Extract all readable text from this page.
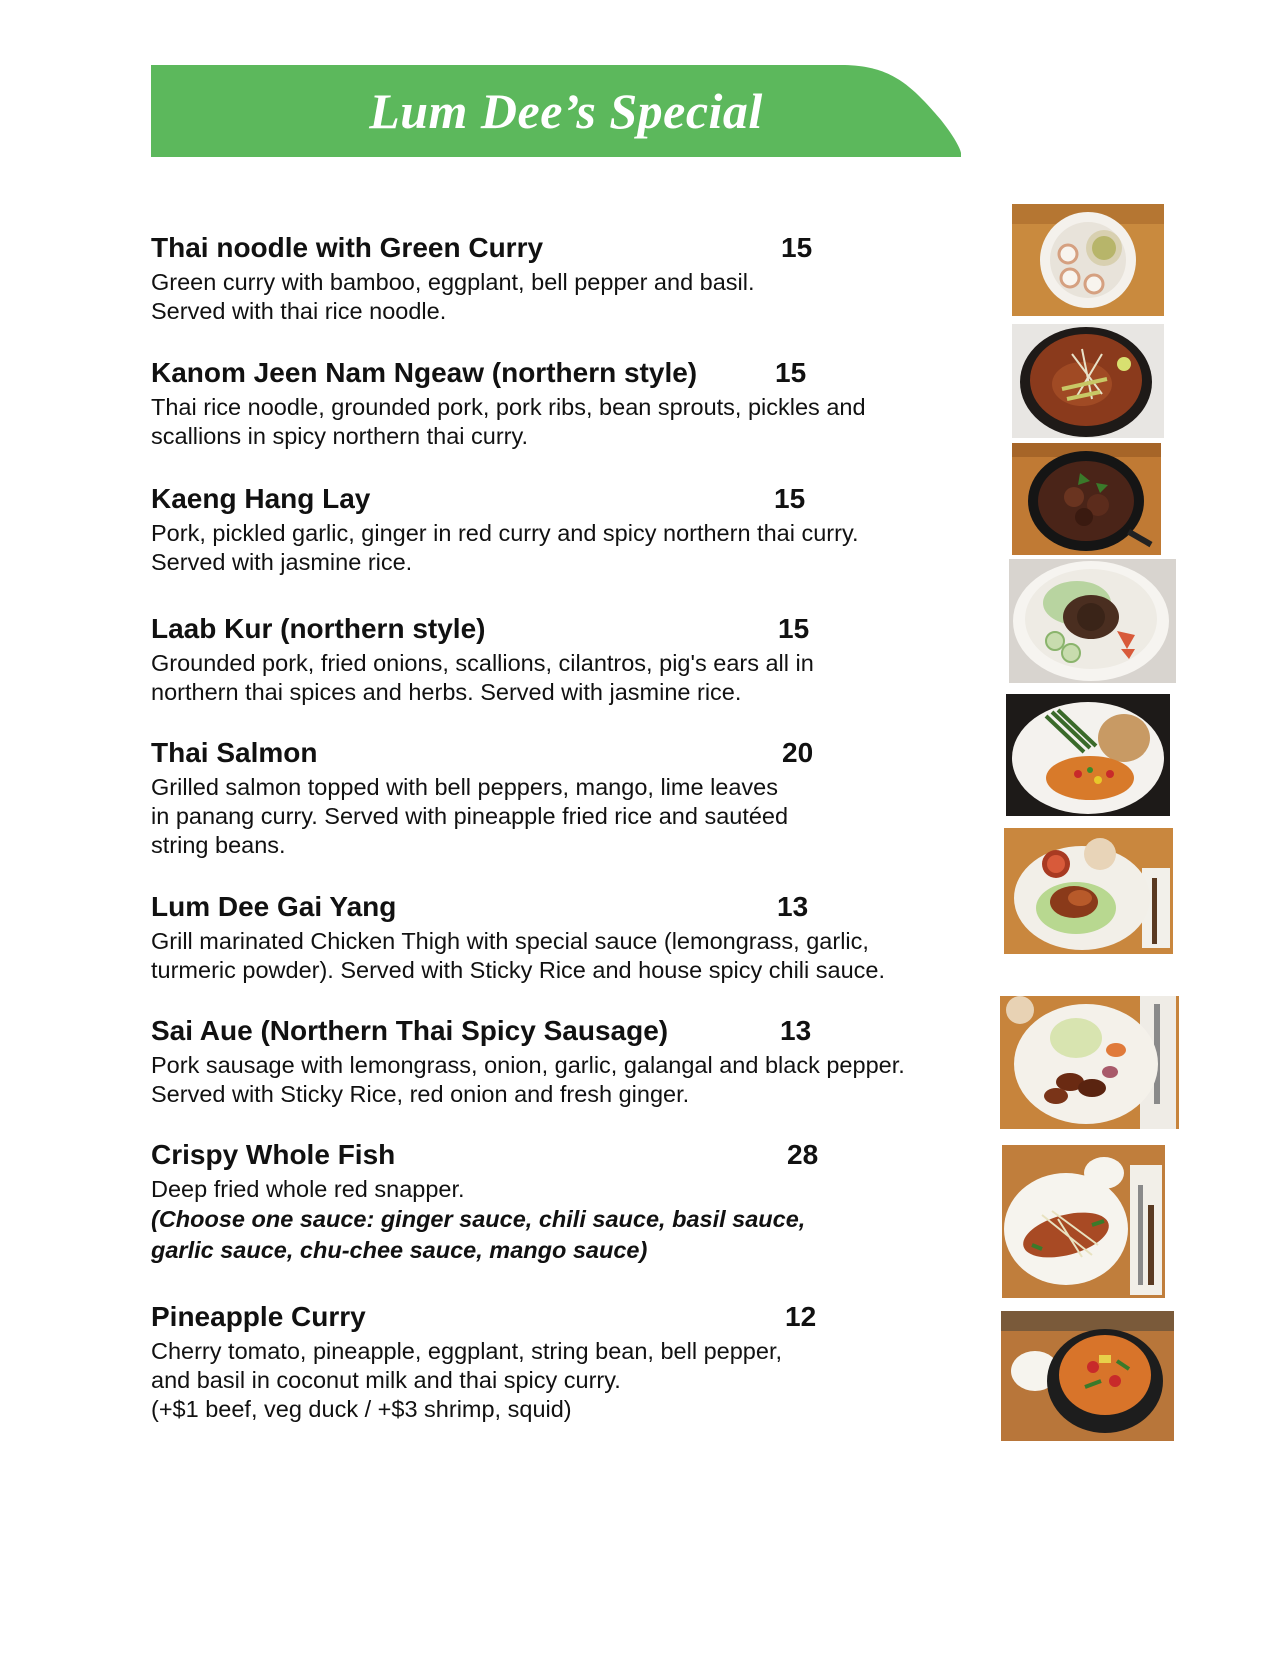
Lum Dee’s Special
Thai noodle with Green Curry	15
Green curry with bamboo, eggplant, bell pepper and basil.
Served with thai rice noodle.
Kanom Jeen Nam Ngeaw (northern style)	15
Thai rice noodle, grounded pork, pork ribs, bean sprouts, pickles and
scallions in spicy northern thai curry.
Kaeng Hang Lay	15
Pork, pickled garlic, ginger in red curry and spicy northern thai curry.
Served with jasmine rice.
Laab Kur (northern style)	15
Grounded pork, fried onions, scallions, cilantros, pig's ears all in
northern thai spices and herbs. Served with jasmine rice.
Thai Salmon	20
Grilled salmon topped with bell peppers, mango, lime leaves
in panang curry. Served with pineapple fried rice and sautéed
string beans.
Lum Dee Gai Yang	13
Grill marinated Chicken Thigh with special sauce (lemongrass, garlic,
turmeric powder). Served with Sticky Rice and house spicy chili sauce.
Sai Aue (Northern Thai Spicy Sausage)	13
Pork sausage with lemongrass, onion, garlic, galangal and black pepper.
Served with Sticky Rice, red onion and fresh ginger.
Crispy Whole Fish	28
Deep fried whole red snapper.
(Choose one sauce: ginger sauce, chili sauce, basil sauce,
garlic sauce, chu-chee sauce, mango sauce)
Pineapple Curry	12
Cherry tomato, pineapple, eggplant, string bean, bell pepper,
and basil in coconut milk and thai spicy curry.
(+$1 beef, veg duck / +$3 shrimp, squid)
